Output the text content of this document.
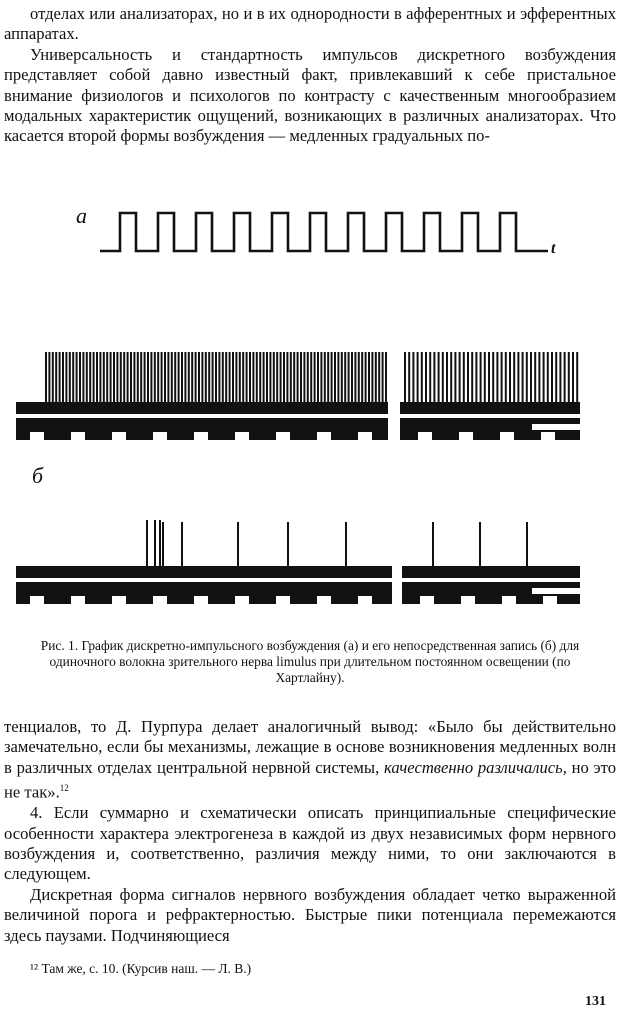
отделах или анализаторах, но и в их однородности в афферентных и эфферентных аппаратах.

Универсальность и стандартность импульсов дискретного возбуждения представляет собой давно известный факт, привлекавший к себе пристальное внимание физиологов и психологов по контрасту с качественным многообразием модальных характеристик ощущений, возникающих в различных анализаторах. Что касается второй формы возбуждения — медленных градуальных по-

а
t
б
Рис. 1. График дискретно-импульсного возбуждения (а) и его непосредственная запись (б) для одиночного волокна зрительного нерва limulus при длительном постоянном освещении (по Хартлайну).

тенциалов, то Д. Пурпура делает аналогичный вывод: «Было бы действительно замечательно, если бы механизмы, лежащие в основе возникновения медленных волн в различных отделах центральной нервной системы, качественно различались, но это не так».$^{12}$

4. Если суммарно и схематически описать принципиальные специфические особенности характера электрогенеза в каждой из двух независимых форм нервного возбуждения и, соответственно, различия между ними, то они заключаются в следующем.

Дискретная форма сигналов нервного возбуждения обладает четко выраженной величиной порога и рефрактерностью. Быстрые пики потенциала перемежаются здесь паузами. Подчиняющиеся

¹² Там же, с. 10. (Курсив наш. — Л. В.)
131
